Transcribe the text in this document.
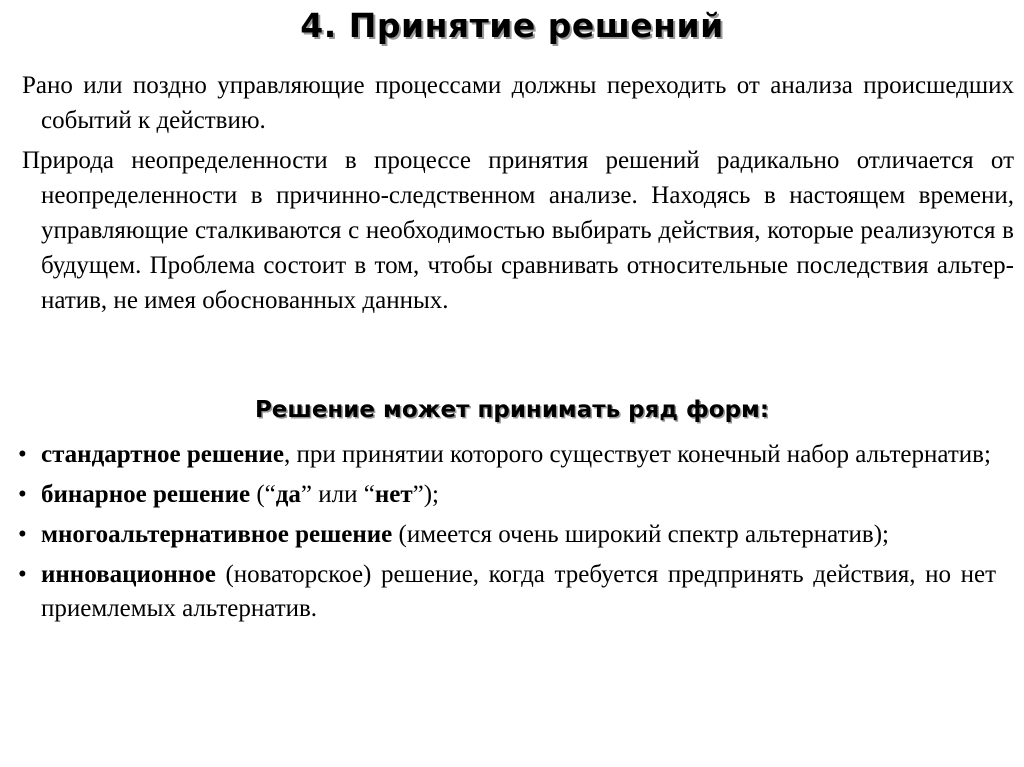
4. Принятие решений
Рано или поздно управляющие процессами должны переходить от анализа происшедших событий к действию.
Природа неопределенности в процессе принятия решений радикально отличается от неопределенности в причинно-следственном анализе. Находясь в настоящем времени, управляющие сталкиваются с необходимостью выбирать действия, которые реализуются в будущем. Проблема состоит в том, чтобы сравнивать относительные последствия альтернатив, не имея обоснованных данных.
Решение может принимать ряд форм:
• стандартное решение, при принятии которого существует конечный набор альтернатив;
• бинарное решение (“да” или “нет”);
• многоальтернативное решение (имеется очень широкий спектр альтернатив);
• инновационное (новаторское) решение, когда требуется предпринять действия, но нет приемлемых альтернатив.
